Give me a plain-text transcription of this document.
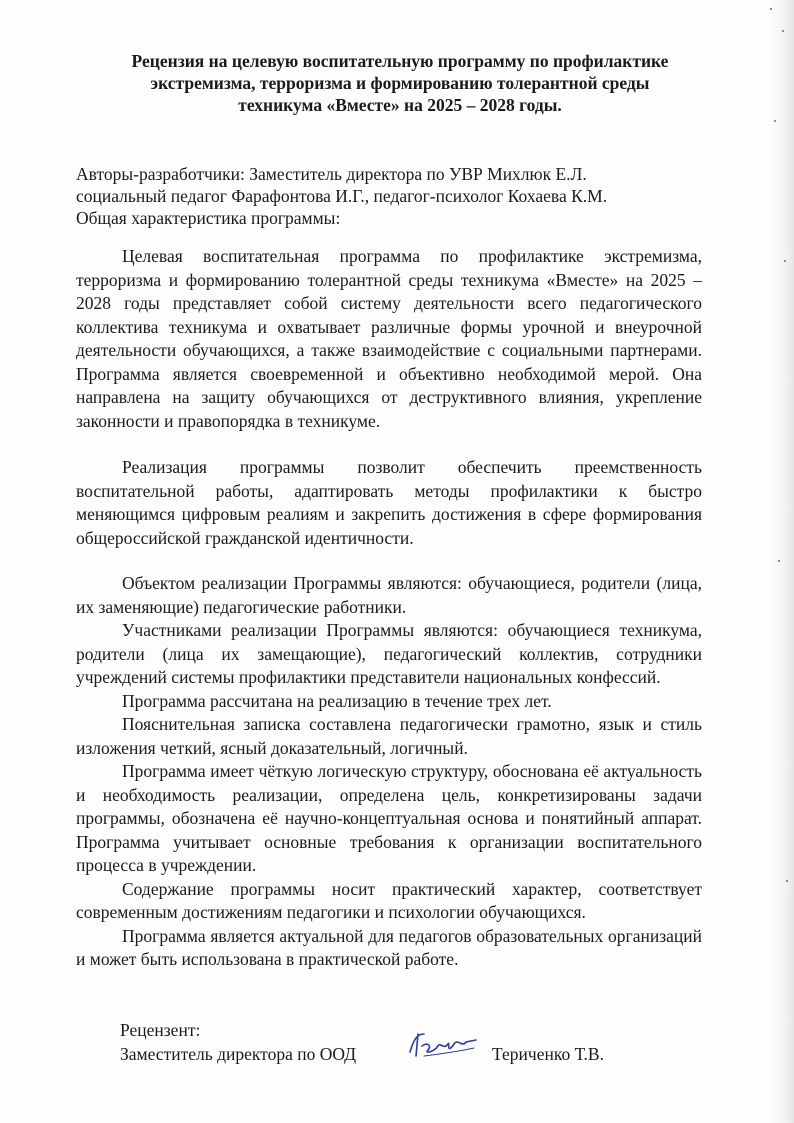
Рецензия на целевую воспитательную программу по профилактике
экстремизма, терроризма и формированию толерантной среды
техникума «Вместе» на 2025 – 2028 годы.
Авторы-разработчики: Заместитель директора по УВР Михлюк Е.Л.
социальный педагог Фарафонтова И.Г., педагог-психолог Кохаева К.М.
Общая характеристика программы:

Целевая воспитательная программа по профилактике экстремизма, терроризма и формированию толерантной среды техникума «Вместе» на 2025 – 2028 годы представляет собой систему деятельности всего педагогического коллектива техникума и охватывает различные формы урочной и внеурочной деятельности обучающихся, а также взаимодействие с социальными партнерами. Программа является своевременной и объективно необходимой мерой. Она направлена на защиту обучающихся от деструктивного влияния, укрепление законности и правопорядка в техникуме.

Реализация программы позволит обеспечить преемственность воспитательной работы, адаптировать методы профилактики к быстро меняющимся цифровым реалиям и закрепить достижения в сфере формирования общероссийской гражданской идентичности.

Объектом реализации Программы являются: обучающиеся, родители (лица, их заменяющие) педагогические работники.

Участниками реализации Программы являются: обучающиеся техникума, родители (лица их замещающие), педагогический коллектив, сотрудники учреждений системы профилактики представители национальных конфессий.

Программа рассчитана на реализацию в течение трех лет.

Пояснительная записка составлена педагогически грамотно, язык и стиль изложения четкий, ясный доказательный, логичный.

Программа имеет чёткую логическую структуру, обоснована её актуальность и необходимость реализации, определена цель, конкретизированы задачи программы, обозначена её научно-концептуальная основа и понятийный аппарат. Программа учитывает основные требования к организации воспитательного процесса в учреждении.

Содержание программы носит практический характер, соответствует современным достижениям педагогики и психологии обучающихся.

Программа является актуальной для педагогов образовательных организаций и может быть использована в практической работе.

Рецензент:
Заместитель директора по ООД	Териченко Т.В.
